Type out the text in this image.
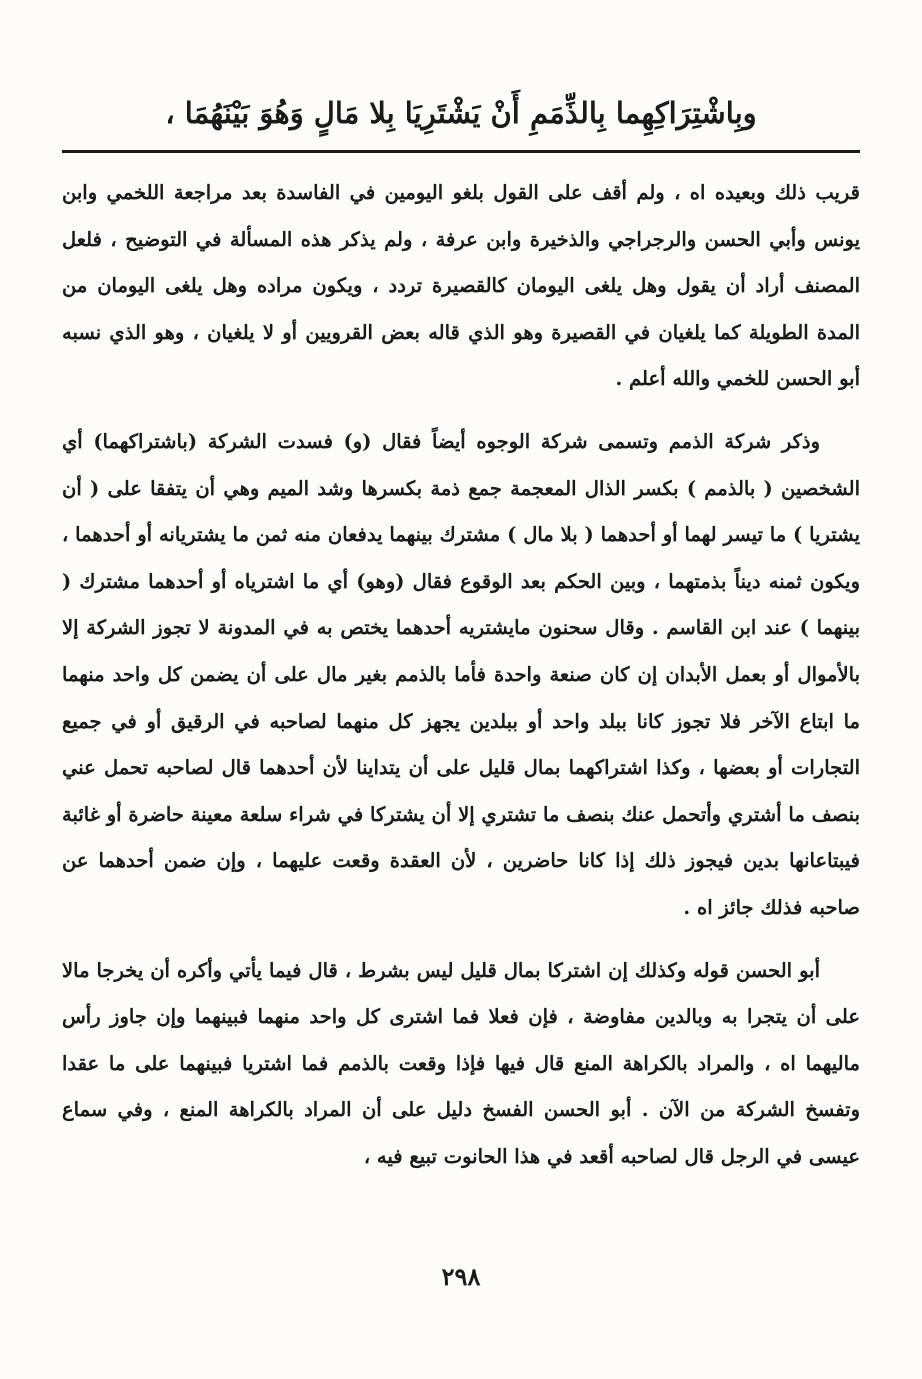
وبِاشْتِرَاكِهِما بِالذِّمَمِ أَنْ يَشْتَرِيَا بِلا مَالٍ وَهُوَ بَيْنَهُمَا ،

قريب ذلك وبعيده اه ، ولم أقف على القول بلغو اليومين في الفاسدة بعد مراجعة اللخمي وابن يونس وأبي الحسن والرجراجي والذخيرة وابن عرفة ، ولم يذكر هذه المسألة في التوضيح ، فلعل المصنف أراد أن يقول وهل يلغى اليومان كالقصيرة تردد ، ويكون مراده وهل يلغى اليومان من المدة الطويلة كما يلغيان في القصيرة وهو الذي قاله بعض القرويين أو لا يلغيان ، وهو الذي نسبه أبو الحسن للخمي والله أعلم .

وذكر شركة الذمم وتسمى شركة الوجوه أيضاً فقال (و) فسدت الشركة (باشتراكهما) أي الشخصين ( بالذمم ) بكسر الذال المعجمة جمع ذمة بكسرها وشد الميم وهي أن يتفقا على ( أن يشتريا ) ما تيسر لهما أو أحدهما ( بلا مال ) مشترك بينهما يدفعان منه ثمن ما يشتريانه أو أحدهما ، ويكون ثمنه ديناً بذمتهما ، وبين الحكم بعد الوقوع فقال (وهو) أي ما اشترياه أو أحدهما مشترك ( بينهما ) عند ابن القاسم . وقال سحنون مايشتريه أحدهما يختص به في المدونة لا تجوز الشركة إلا بالأموال أو بعمل الأبدان إن كان صنعة واحدة فأما بالذمم بغير مال على أن يضمن كل واحد منهما ما ابتاع الآخر فلا تجوز كانا ببلد واحد أو ببلدين يجهز كل منهما لصاحبه في الرقيق أو في جميع التجارات أو بعضها ، وكذا اشتراكهما بمال قليل على أن يتداينا لأن أحدهما قال لصاحبه تحمل عني بنصف ما أشتري وأتحمل عنك بنصف ما تشتري إلا أن يشتركا في شراء سلعة معينة حاضرة أو غائبة فيبتاعانها بدين فيجوز ذلك إذا كانا حاضرين ، لأن العقدة وقعت عليهما ، وإن ضمن أحدهما عن صاحبه فذلك جائز اه .

أبو الحسن قوله وكذلك إن اشتركا بمال قليل ليس بشرط ، قال فيما يأتي وأكره أن يخرجا مالا على أن يتجرا به وبالدين مفاوضة ، فإن فعلا فما اشترى كل واحد منهما فبينهما وإن جاوز رأس ماليهما اه ، والمراد بالكراهة المنع قال فيها فإذا وقعت بالذمم فما اشتريا فبينهما على ما عقدا وتفسخ الشركة من الآن . أبو الحسن الفسخ دليل على أن المراد بالكراهة المنع ، وفي سماع عيسى في الرجل قال لصاحبه أقعد في هذا الحانوت تبيع فيه ،

٢٩٨
